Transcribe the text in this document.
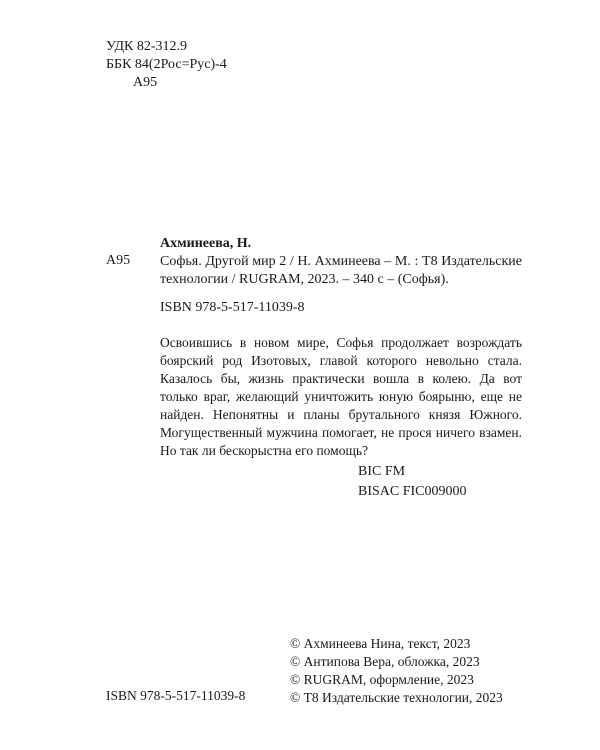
УДК 82-312.9
ББК 84(2Рос=Рус)-4
А95
А95
Ахминеева, Н.
Софья. Другой мир 2 / Н. Ахминеева – М. : Т8 Издательские технологии / RUGRAM, 2023. – 340 с – (Софья).
ISBN 978-5-517-11039-8
Освоившись в новом мире, Софья продолжает возрождать боярский род Изотовых, главой которого невольно стала. Казалось бы, жизнь практически вошла в колею. Да вот только враг, желающий уничтожить юную боярыню, еще не найден. Непонятны и планы брутального князя Южного. Могущественный мужчина помогает, не прося ничего взамен. Но так ли бескорыстна его помощь?
BIC FM
BISAC FIC009000
© Ахминеева Нина, текст, 2023
© Антипова Вера, обложка, 2023
© RUGRAM, оформление, 2023
© Т8 Издательские технологии, 2023
ISBN 978-5-517-11039-8
